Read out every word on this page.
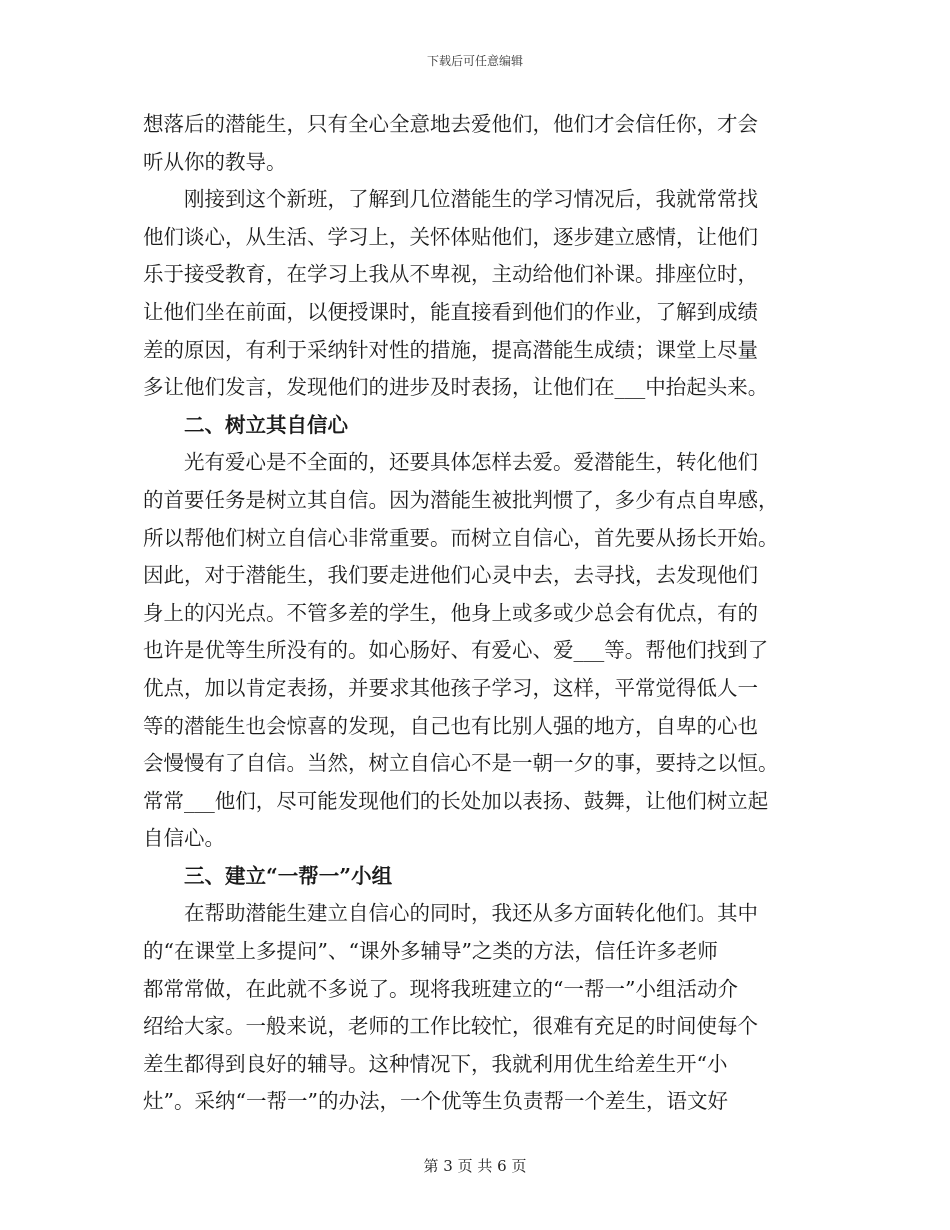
下载后可任意编辑
想落后的潜能生，只有全心全意地去爱他们，他们才会信任你，才会
听从你的教导。
刚接到这个新班，了解到几位潜能生的学习情况后，我就常常找
他们谈心，从生活、学习上，关怀体贴他们，逐步建立感情，让他们
乐于接受教育，在学习上我从不卑视，主动给他们补课。排座位时，
让他们坐在前面，以便授课时，能直接看到他们的作业，了解到成绩
差的原因，有利于采纳针对性的措施，提高潜能生成绩；课堂上尽量
多让他们发言，发现他们的进步及时表扬，让他们在___中抬起头来。
二、树立其自信心
光有爱心是不全面的，还要具体怎样去爱。爱潜能生，转化他们
的首要任务是树立其自信。因为潜能生被批判惯了，多少有点自卑感，
所以帮他们树立自信心非常重要。而树立自信心，首先要从扬长开始。
因此，对于潜能生，我们要走进他们心灵中去，去寻找，去发现他们
身上的闪光点。不管多差的学生，他身上或多或少总会有优点，有的
也许是优等生所没有的。如心肠好、有爱心、爱___等。帮他们找到了
优点，加以肯定表扬，并要求其他孩子学习，这样，平常觉得低人一
等的潜能生也会惊喜的发现，自己也有比别人强的地方，自卑的心也
会慢慢有了自信。当然，树立自信心不是一朝一夕的事，要持之以恒。
常常___他们，尽可能发现他们的长处加以表扬、鼓舞，让他们树立起
自信心。
三、建立“一帮一”小组
在帮助潜能生建立自信心的同时，我还从多方面转化他们。其中
的“在课堂上多提问”、“课外多辅导”之类的方法，信任许多老师
都常常做，在此就不多说了。现将我班建立的“一帮一”小组活动介
绍给大家。一般来说，老师的工作比较忙，很难有充足的时间使每个
差生都得到良好的辅导。这种情况下，我就利用优生给差生开“小
灶”。采纳“一帮一”的办法，一个优等生负责帮一个差生，语文好
第 3 页 共 6 页
